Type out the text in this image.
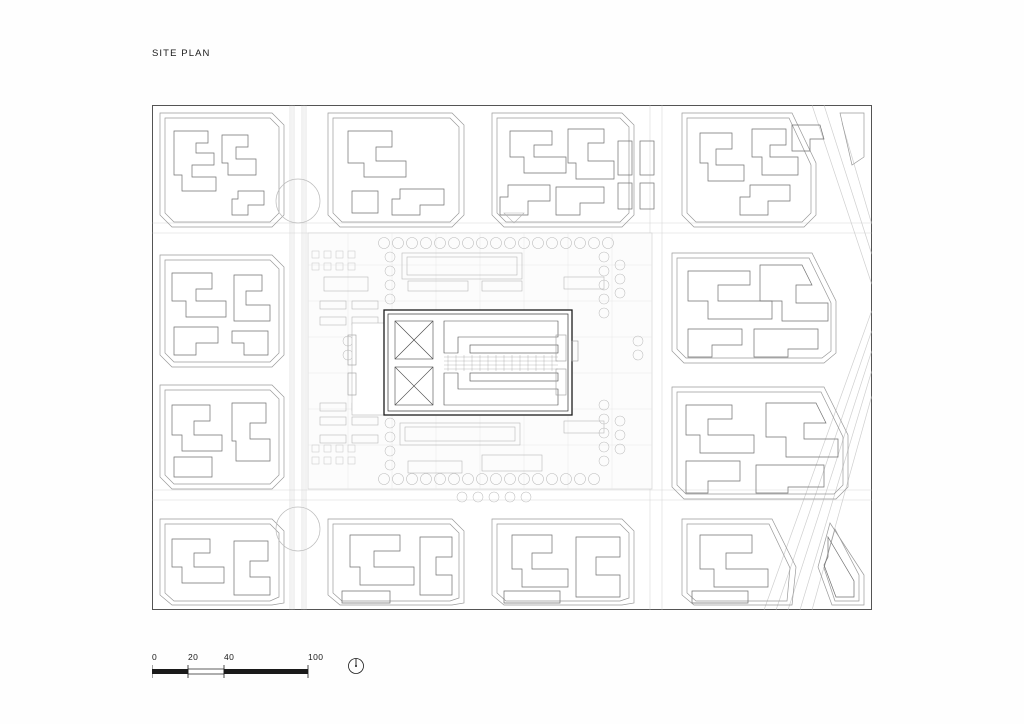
SITE PLAN
0	20	40	100
